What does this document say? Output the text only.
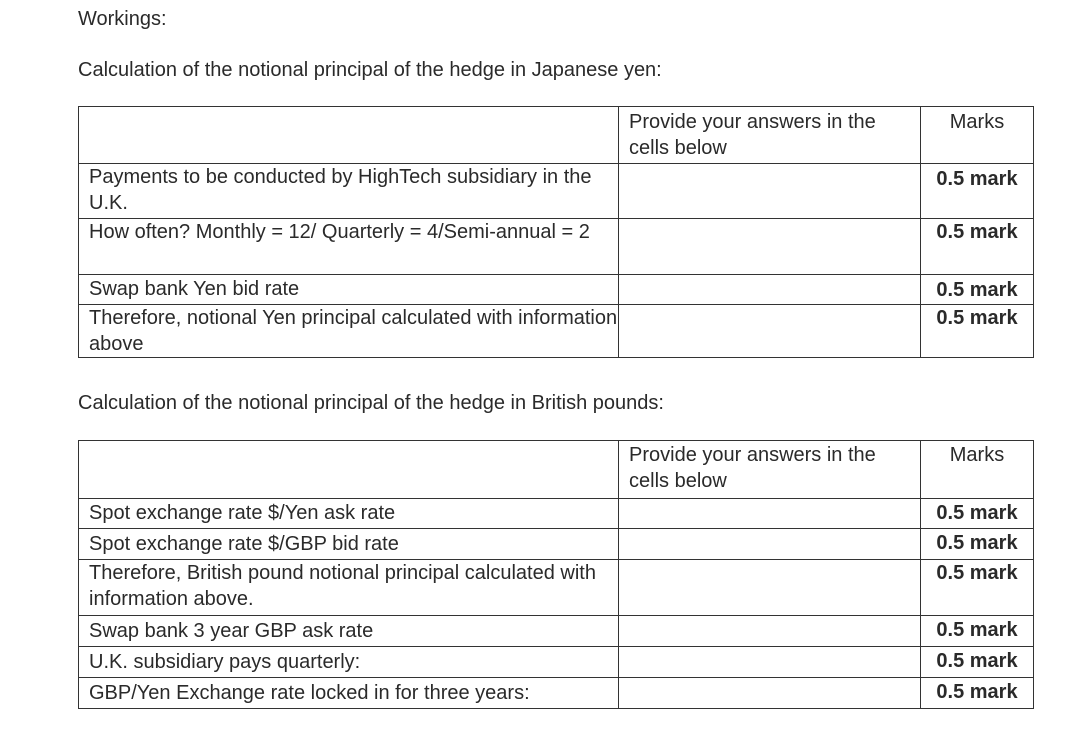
Workings:
Calculation of the notional principal of the hedge in Japanese yen:
	Provide your answers in the cells below	Marks
Payments to be conducted by HighTech subsidiary in the U.K.		0.5 mark
How often? Monthly = 12/ Quarterly = 4/Semi-annual = 2		0.5 mark
Swap bank Yen bid rate		0.5 mark
Therefore, notional Yen principal calculated with information above		0.5 mark
Calculation of the notional principal of the hedge in British pounds:
	Provide your answers in the cells below	Marks
Spot exchange rate $/Yen ask rate		0.5 mark
Spot exchange rate $/GBP bid rate		0.5 mark
Therefore, British pound notional principal calculated with information above.		0.5 mark
Swap bank 3 year GBP ask rate		0.5 mark
U.K. subsidiary pays quarterly:		0.5 mark
GBP/Yen Exchange rate locked in for three years:		0.5 mark
